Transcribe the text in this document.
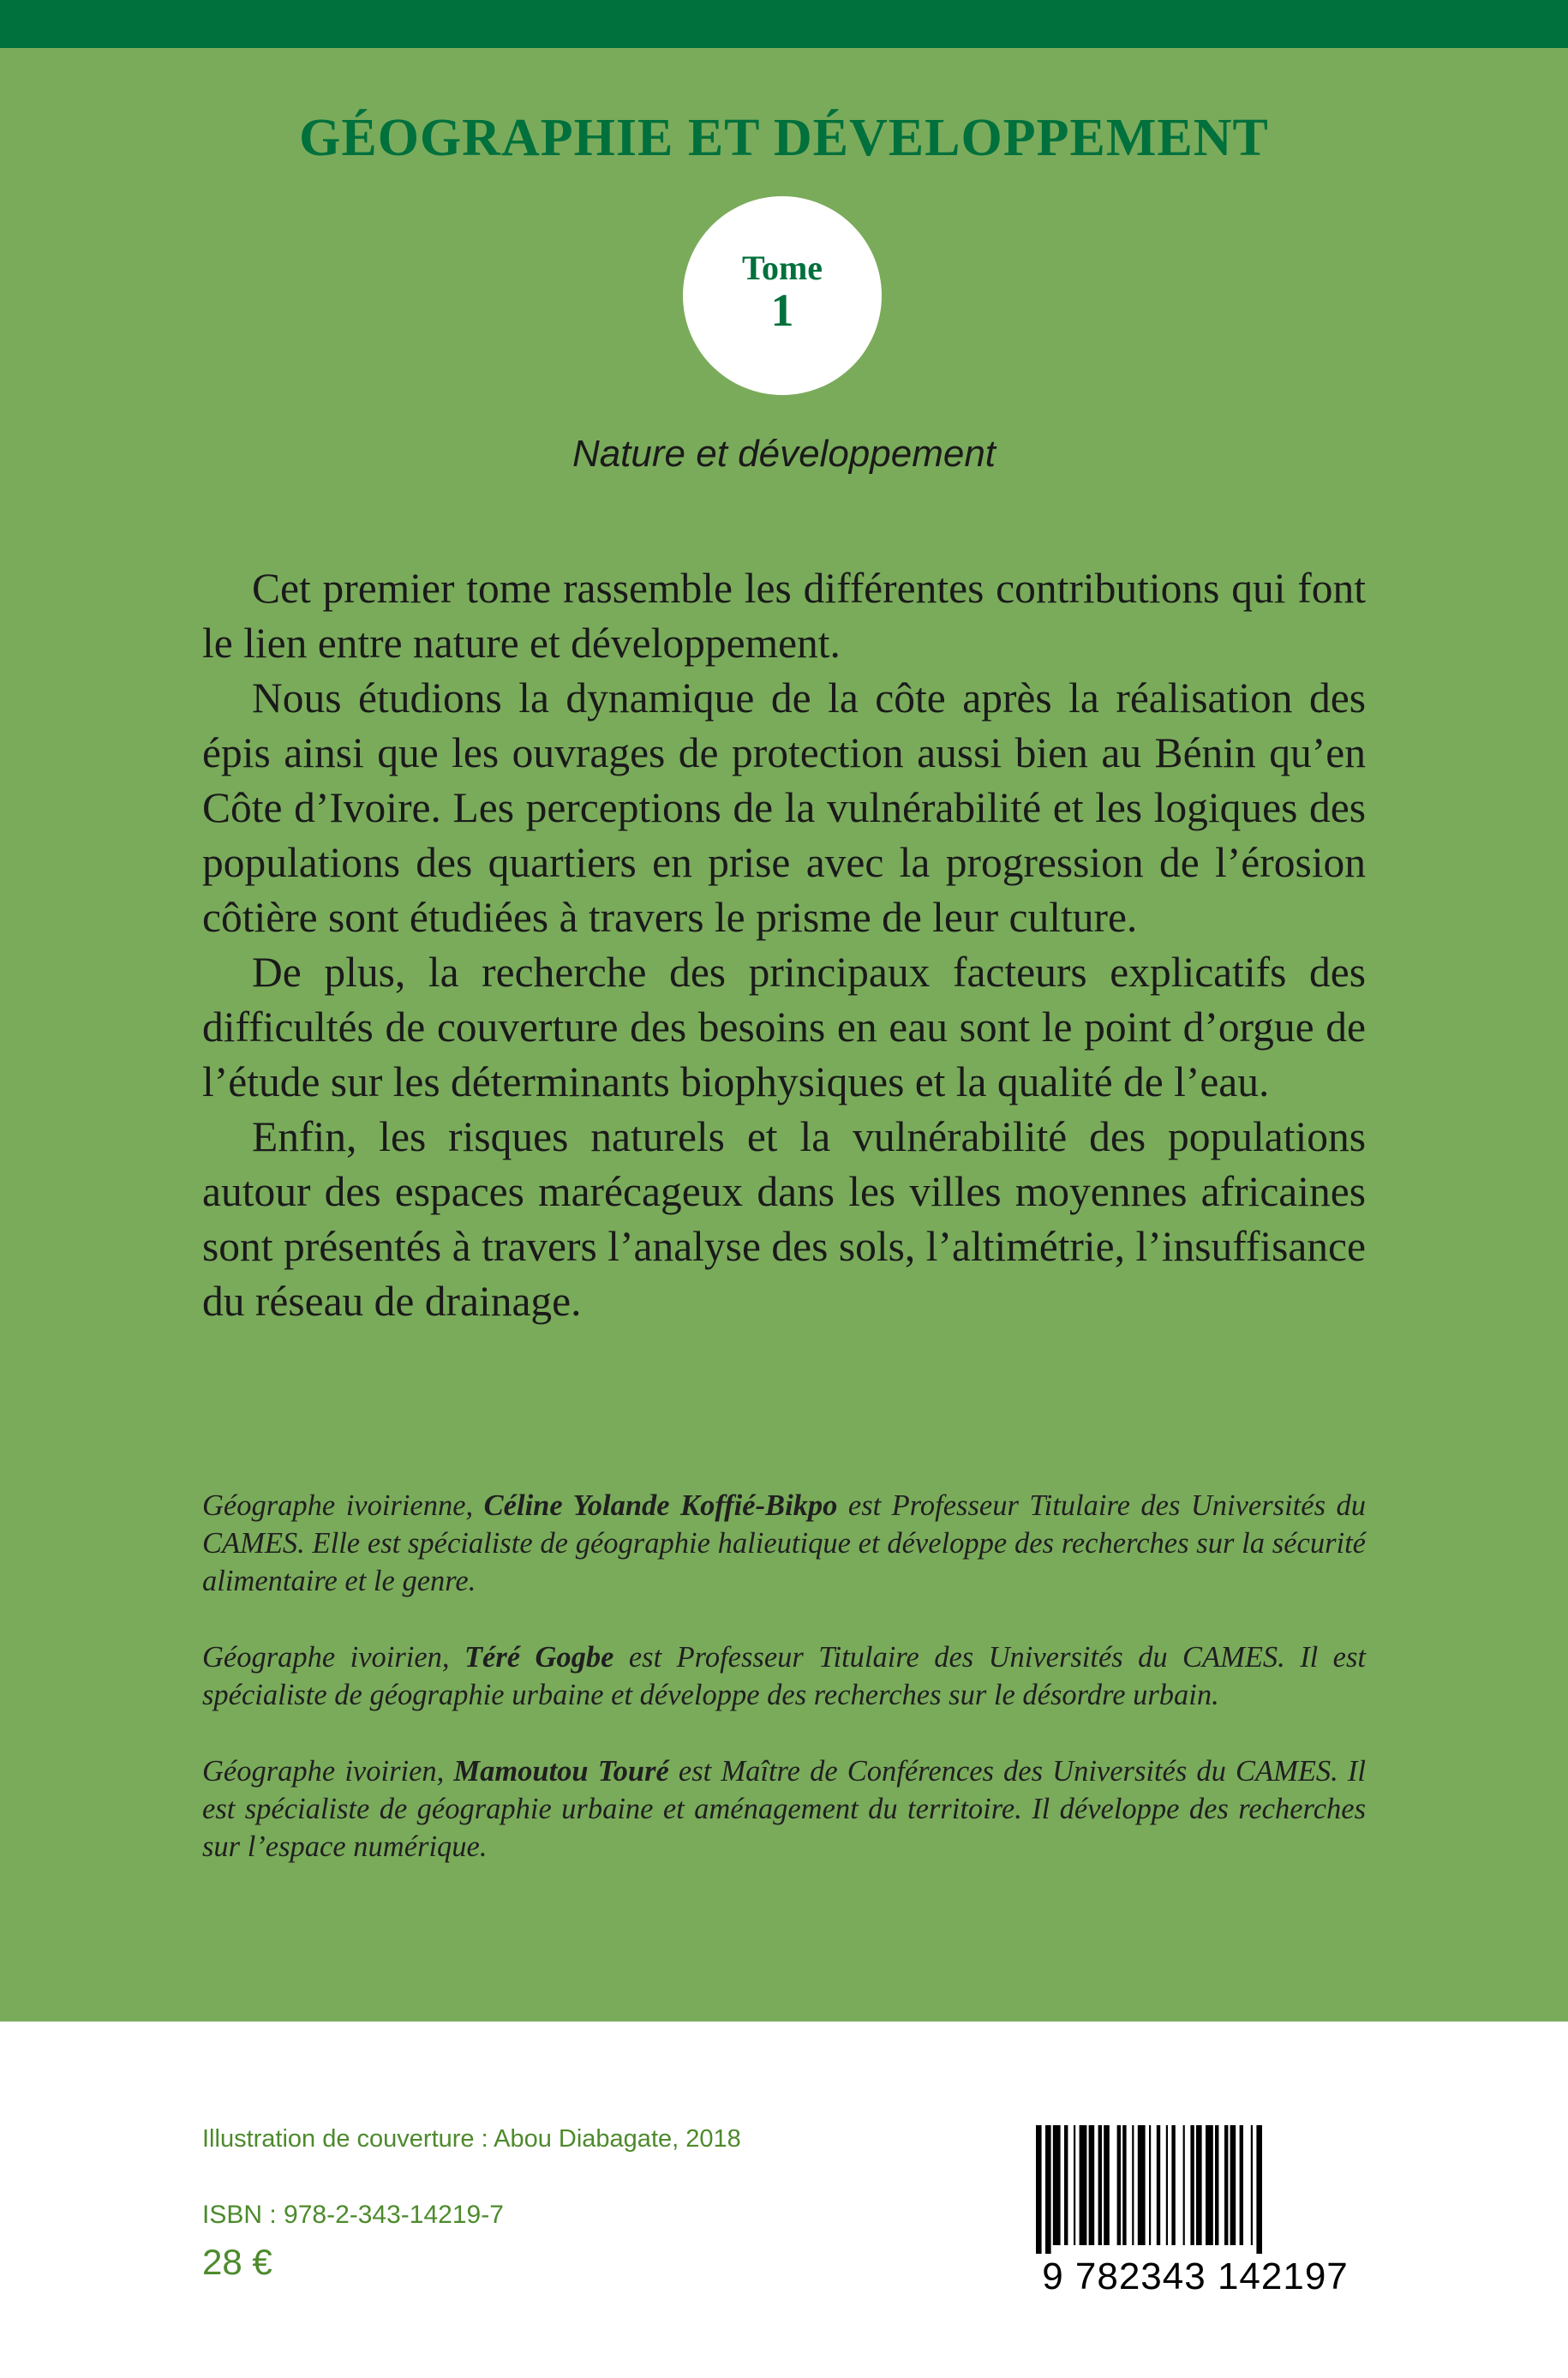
GÉOGRAPHIE ET DÉVELOPPEMENT
Tome
1
Nature et développement

Cet premier tome rassemble les différentes contributions qui font le lien entre nature et développement.

Nous étudions la dynamique de la côte après la réalisation des épis ainsi que les ouvrages de protection aussi bien au Bénin qu’en Côte d’Ivoire. Les perceptions de la vulnérabilité et les logiques des populations des quartiers en prise avec la progression de l’érosion côtière sont étudiées à travers le prisme de leur culture.

De plus, la recherche des principaux facteurs explicatifs des difficultés de couverture des besoins en eau sont le point d’orgue de l’étude sur les déterminants biophysiques et la qualité de l’eau.

Enfin, les risques naturels et la vulnérabilité des populations autour des espaces marécageux dans les villes moyennes africaines sont présentés à travers l’analyse des sols, l’altimétrie, l’insuffisance du réseau de drainage.

Géographe ivoirienne, Céline Yolande Koffié-Bikpo est Professeur Titulaire des Universités du CAMES. Elle est spécialiste de géographie halieutique et développe des recherches sur la sécurité alimentaire et le genre.

Géographe ivoirien, Téré Gogbe est Professeur Titulaire des Universités du CAMES. Il est spécialiste de géographie urbaine et développe des recherches sur le désordre urbain.

Géographe ivoirien, Mamoutou Touré est Maître de Conférences des Universités du CAMES. Il est spécialiste de géographie urbaine et aménagement du territoire. Il développe des recherches sur l’espace numérique.

Illustration de couverture : Abou Diabagate, 2018
ISBN : 978-2-343-14219-7
28 €	9 782343 142197
